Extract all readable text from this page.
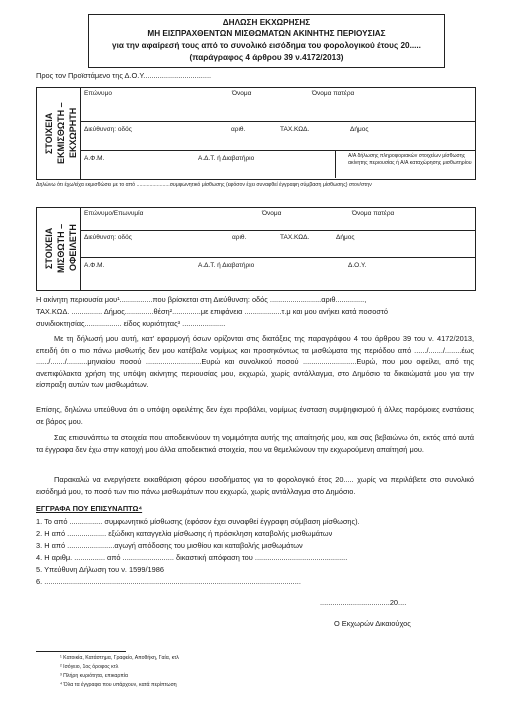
ΔΗΛΩΣΗ ΕΚΧΩΡΗΣΗΣ
ΜΗ ΕΙΣΠΡΑΧΘΕΝΤΩΝ ΜΙΣΘΩΜΑΤΩΝ ΑΚΙΝΗΤΗΣ ΠΕΡΙΟΥΣΙΑΣ
για την αφαίρεσή τους από το συνολικό εισόδημα του φορολογικού έτους 20.....
(παράγραφος 4 άρθρου 39 ν.4172/2013)
Προς τον Προϊστάμενο της Δ.Ο.Υ.................................
ΣΤΟΙΧΕΙΑ ΕΚΜΙΣΘΩΤΗ – ΕΚΧΩΡΗΤΗ
Επώνυμο	Όνομα	Όνομα πατέρα
Διεύθυνση: οδός	αριθ.	ΤΑΧ.ΚΩΔ.	Δήμος
Α.Φ.Μ.	Α.Δ.Τ. ή Διαβατήριο	Α/Α δήλωσης πληροφοριακών στοιχείων μίσθωσης
ακίνητης περιουσίας ή Α/Α καταχώρησης μισθωτηρίου
Δηλώνω ότι έχω/είχα εκμισθώσει με το από .......................συμφωνητικό μίσθωσης (εφόσον έχει συναφθεί έγγραφη σύμβαση μίσθωσης) στον/στην
ΣΤΟΙΧΕΙΑ ΜΙΣΘΩΤΗ – ΟΦΕΙΛΕΤΗ
Επώνυμο/Επωνυμία	Όνομα	Όνομα πατέρα
Διεύθυνση: οδός	αριθ.	ΤΑΧ.ΚΩΔ.	Δήμος
Α.Φ.Μ.	Α.Δ.Τ. ή Διαβατήριο	Δ.Ο.Υ.
Η ακίνητη περιουσία μου¹................που βρίσκεται στη Διεύθυνση: οδός .........................αριθ..............,
ΤΑΧ.ΚΩΔ. ............... Δήμος..............θέση²..............με επιφάνεια ..................τ.μ και μου ανήκει κατά ποσοστό
συνιδιοκτησίας.................. είδος κυριότητας³ .....................
Με τη δήλωσή μου αυτή, κατ' εφαρμογή όσων ορίζονται στις διατάξεις της παραγράφου 4 του άρθρου 39 του ν. 4172/2013, επειδή ότι ο πιο πάνω μισθωτής δεν μου κατέβαλε νομίμως και προσηκόντως τα μισθώματα της περιόδου από ....../......./........έως ....../......./..........μηνιαίου ποσού ...........................Ευρώ και συνολικού ποσού ..........................Ευρώ, που μου οφείλει, από της ανεπιφύλακτα χρήση της υπόψη ακίνητης περιουσίας μου, εκχωρώ, χωρίς αντάλλαγμα, στο Δημόσιο τα δικαιώματά μου για την είσπραξη αυτών των μισθωμάτων.
Επίσης, δηλώνω υπεύθυνα ότι ο υπόψη οφειλέτης δεν έχει προβάλει, νομίμως ένσταση συμψηφισμού ή άλλες παρόμοιες ενστάσεις σε βάρος μου.
Σας επισυνάπτω τα στοιχεία που αποδεικνύουν τη νομιμότητα αυτής της απαίτησής μου, και σας βεβαιώνω ότι, εκτός από αυτά τα έγγραφα δεν έχω στην κατοχή μου άλλα αποδεικτικά στοιχεία, που να θεμελιώνουν την εκχωρούμενη απαίτησή μου.
Παρακαλώ να ενεργήσετε εκκαθάριση φόρου εισοδήματος για το φορολογικό έτος 20..... χωρίς να περιλάβετε στο συνολικό εισόδημά μου, το ποσό των πιο πάνω μισθωμάτων που εκχωρώ, χωρίς αντάλλαγμα στο Δημόσιο.
ΕΓΓΡΑΦΑ ΠΟΥ ΕΠΙΣΥΝΑΠΤΩ⁴
1. Το από ................ συμφωνητικό μίσθωσης (εφόσον έχει συναφθεί έγγραφη σύμβαση μίσθωσης).
2. Η από ................... εξώδικη καταγγελία μίσθωσης ή πρόσκληση καταβολής μισθωμάτων
3. Η από .......................αγωγή απόδοσης του μισθίου και καταβολής μισθωμάτων
4. Η αριθμ. ............... από ......................... δικαστική απόφαση του .............................................
5. Υπεύθυνη Δήλωση του ν. 1599/1986
6. .............................................................................................................................
..................................20....
Ο Εκχωρών Δικαιούχος
¹ Κατοικία, Κατάστημα, Γραφείο, Αποθήκη, Γαία, κτλ
² Ισόγειο, 1ος όροφος κτλ
³ Πλήρη κυριότητα, επικαρπία
⁴ Όλα τα έγγραφα που υπάρχουν, κατά περίπτωση
